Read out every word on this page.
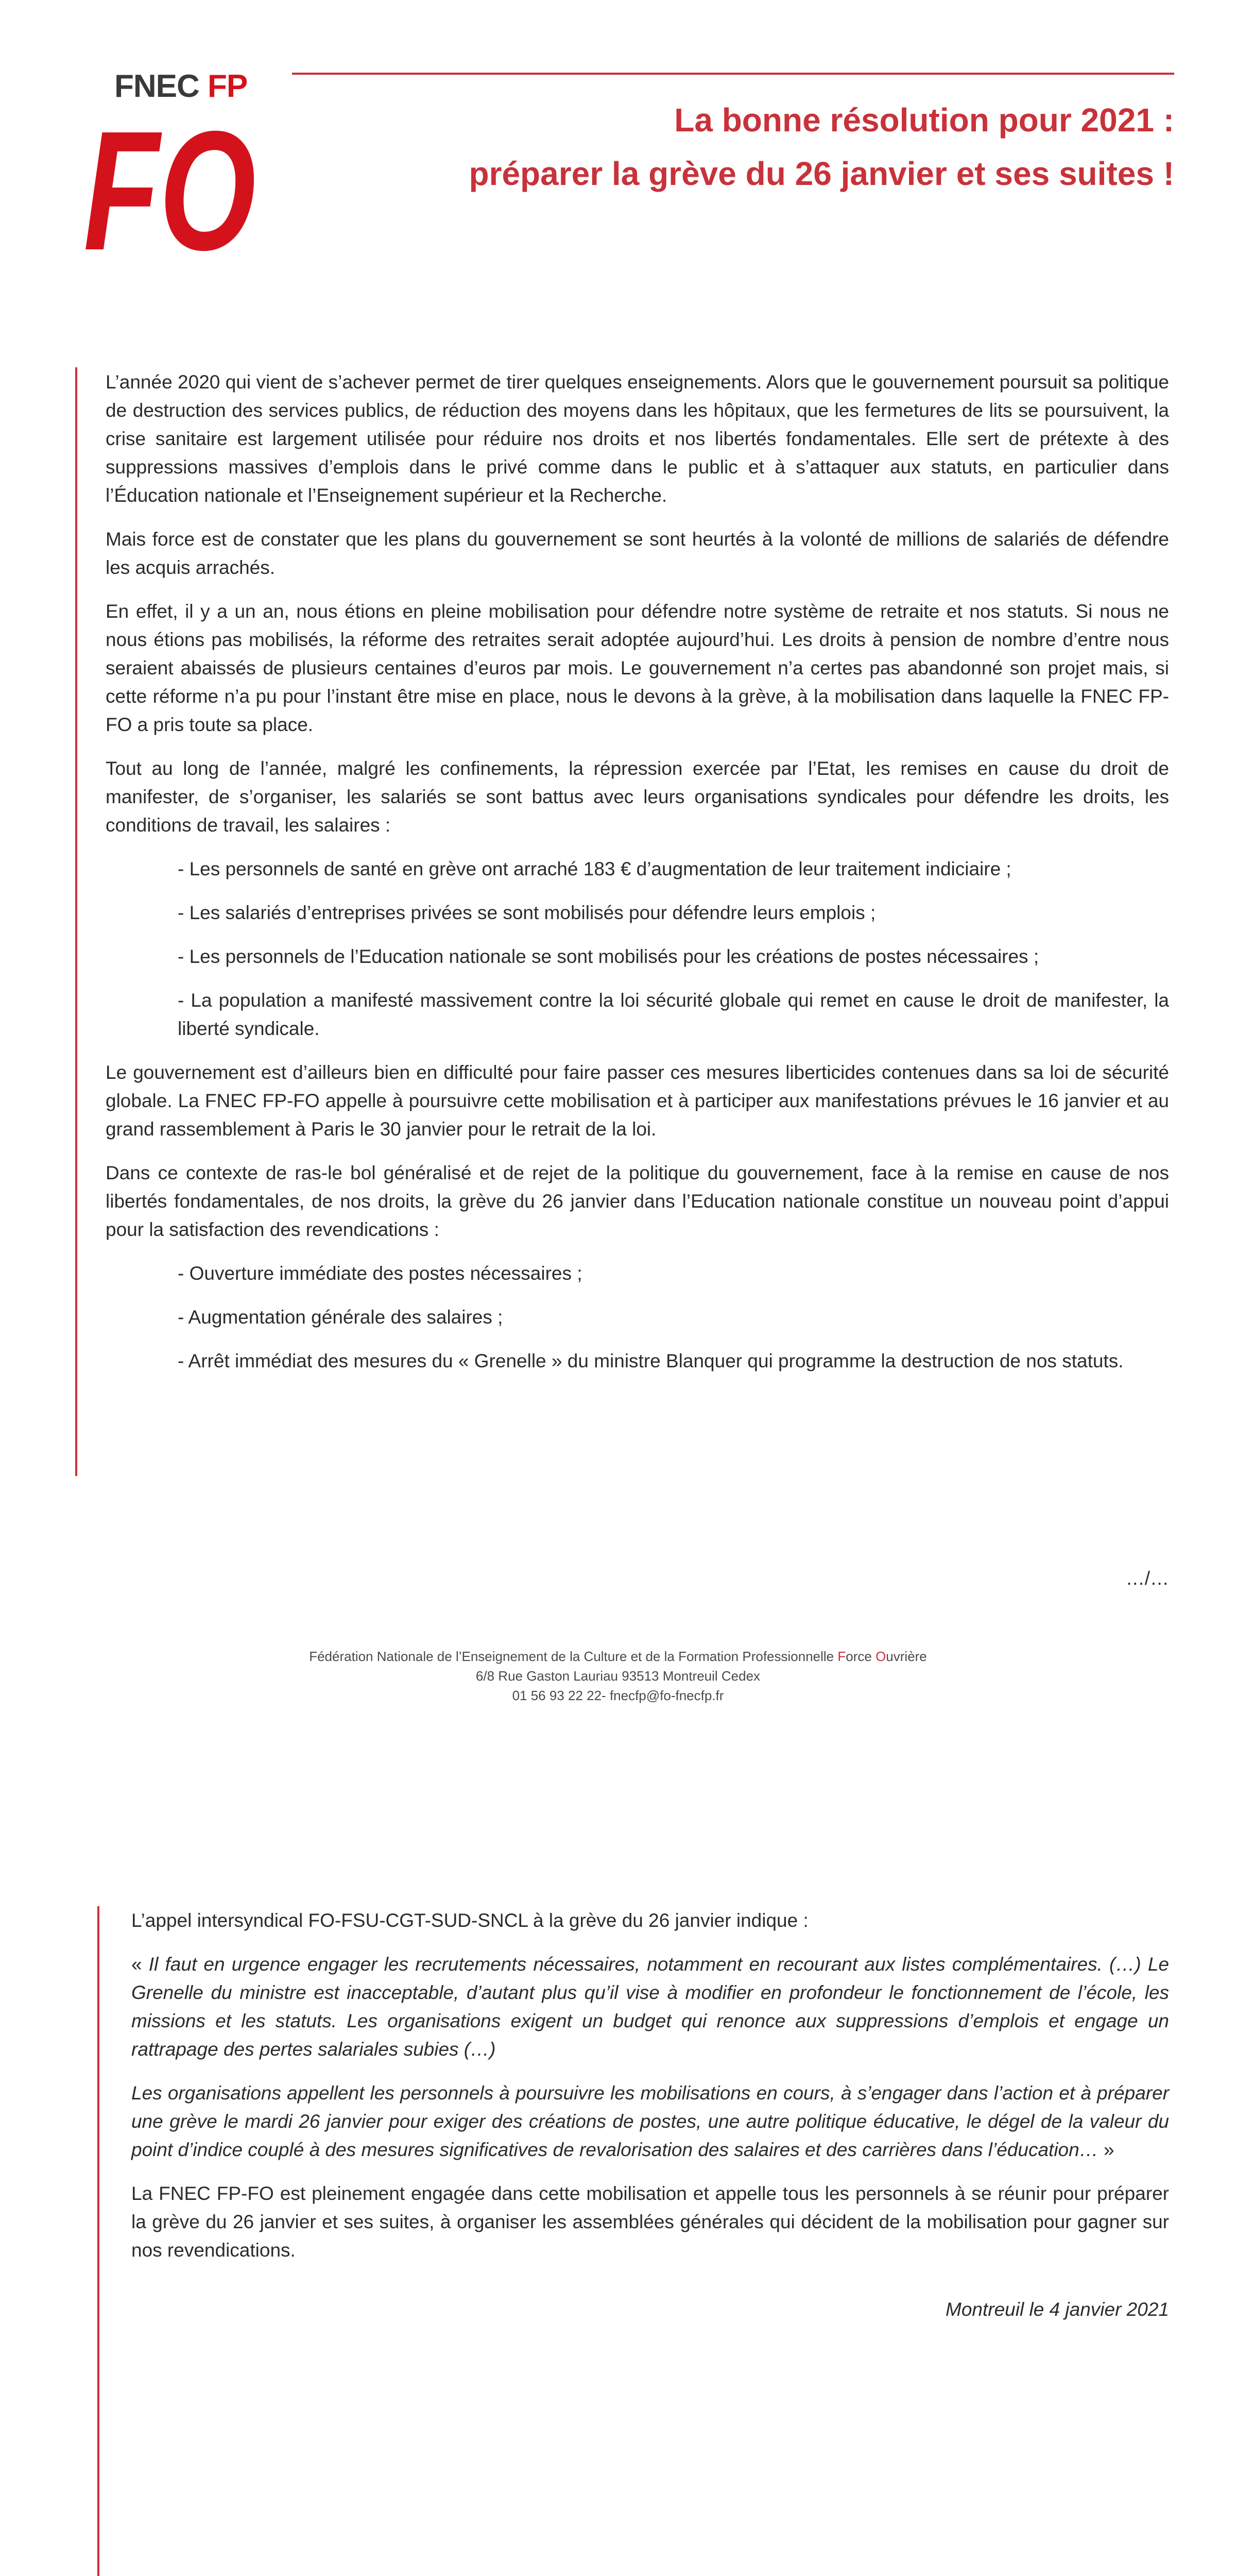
FNEC FP
FO	La bonne résolution pour 2021 :
préparer la grève du 26 janvier et ses suites !

L’année 2020 qui vient de s’achever permet de tirer quelques enseignements. Alors que le gouvernement poursuit sa politique de destruction des services publics, de réduction des moyens dans les hôpitaux, que les fermetures de lits se poursuivent, la crise sanitaire est largement utilisée pour réduire nos droits et nos libertés fondamentales. Elle sert de prétexte à des suppressions massives d’emplois dans le privé comme dans le public et à s’attaquer aux statuts, en particulier dans l’Éducation nationale et l’Enseignement supérieur et la Recherche.

Mais force est de constater que les plans du gouvernement se sont heurtés à la volonté de millions de salariés de défendre les acquis arrachés.

En effet, il y a un an, nous étions en pleine mobilisation pour défendre notre système de retraite et nos statuts. Si nous ne nous étions pas mobilisés, la réforme des retraites serait adoptée aujourd’hui. Les droits à pension de nombre d’entre nous seraient abaissés de plusieurs centaines d’euros par mois. Le gouvernement n’a certes pas abandonné son projet mais, si cette réforme n’a pu pour l’instant être mise en place, nous le devons à la grève, à la mobilisation dans laquelle la FNEC FP-FO a pris toute sa place.

Tout au long de l’année, malgré les confinements, la répression exercée par l’Etat, les remises en cause du droit de manifester, de s’organiser, les salariés se sont battus avec leurs organisations syndicales pour défendre les droits, les conditions de travail, les salaires :

- Les personnels de santé en grève ont arraché 183 € d’augmentation de leur traitement indiciaire ;

- Les salariés d’entreprises privées se sont mobilisés pour défendre leurs emplois ;

- Les personnels de l’Education nationale se sont mobilisés pour les créations de postes nécessaires ;

- La population a manifesté massivement contre la loi sécurité globale qui remet en cause le droit de manifester, la liberté syndicale.

Le gouvernement est d’ailleurs bien en difficulté pour faire passer ces mesures liberticides contenues dans sa loi de sécurité globale. La FNEC FP-FO appelle à poursuivre cette mobilisation et à participer aux manifestations prévues le 16 janvier et au grand rassemblement à Paris le 30 janvier pour le retrait de la loi.

Dans ce contexte de ras-le bol généralisé et de rejet de la politique du gouvernement, face à la remise en cause de nos libertés fondamentales, de nos droits, la grève du 26 janvier dans l’Education nationale constitue un nouveau point d’appui pour la satisfaction des revendications :

- Ouverture immédiate des postes nécessaires ;

- Augmentation générale des salaires ;

- Arrêt immédiat des mesures du « Grenelle » du ministre Blanquer qui programme la destruction de nos statuts.

…/…
Fédération Nationale de l’Enseignement de la Culture et de la Formation Professionnelle Force Ouvrière
6/8 Rue Gaston Lauriau 93513 Montreuil Cedex
01 56 93 22 22- fnecfp@fo-fnecfp.fr

L’appel intersyndical FO-FSU-CGT-SUD-SNCL à la grève du 26 janvier indique :

« Il faut en urgence engager les recrutements nécessaires, notamment en recourant aux listes complémentaires. (…) Le Grenelle du ministre est inacceptable, d’autant plus qu’il vise à modifier en profondeur le fonctionnement de l’école, les missions et les statuts. Les organisations exigent un budget qui renonce aux suppressions d’emplois et engage un rattrapage des pertes salariales subies (…)

Les organisations appellent les personnels à poursuivre les mobilisations en cours, à s’engager dans l’action et à préparer une grève le mardi 26 janvier pour exiger des créations de postes, une autre politique éducative, le dégel de la valeur du point d’indice couplé à des mesures significatives de revalorisation des salaires et des carrières dans l’éducation… »

La FNEC FP-FO est pleinement engagée dans cette mobilisation et appelle tous les personnels à se réunir pour préparer la grève du 26 janvier et ses suites, à organiser les assemblées générales qui décident de la mobilisation pour gagner sur nos revendications.

Montreuil le 4 janvier 2021
